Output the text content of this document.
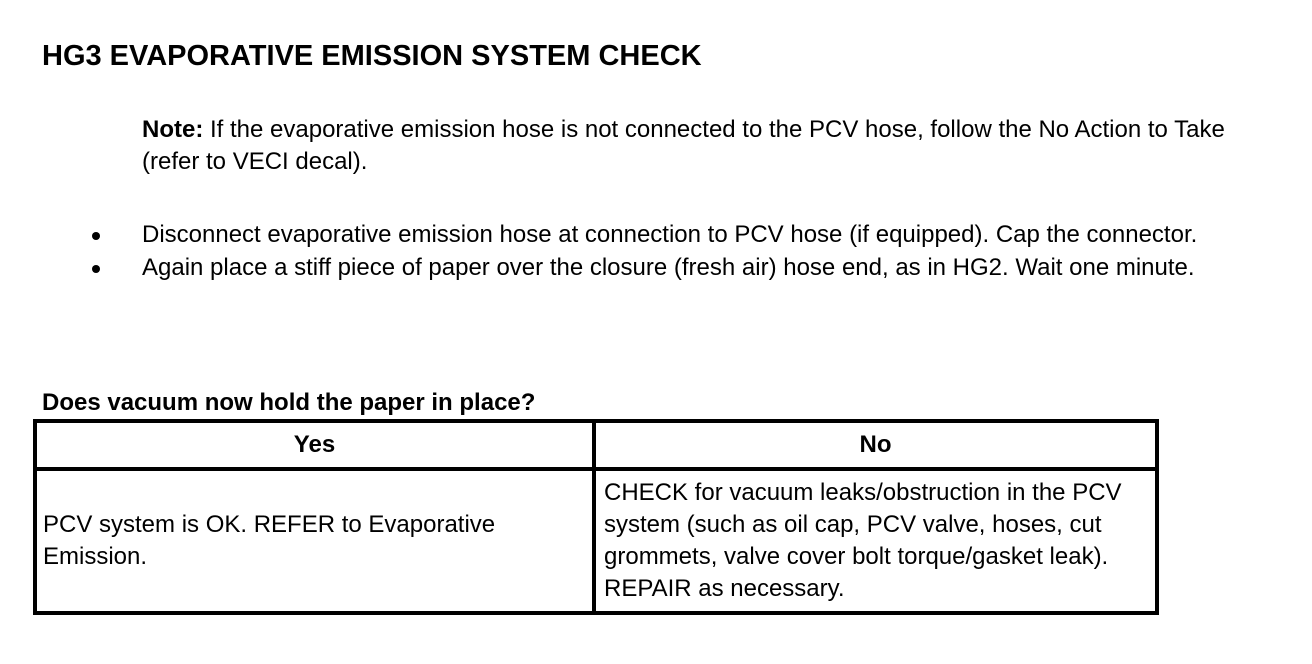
HG3 EVAPORATIVE EMISSION SYSTEM CHECK

Note: If the evaporative emission hose is not connected to the PCV hose, follow the No Action to Take (refer to VECI decal).

Disconnect evaporative emission hose at connection to PCV hose (if equipped). Cap the connector.
Again place a stiff piece of paper over the closure (fresh air) hose end, as in HG2. Wait one minute.

Does vacuum now hold the paper in place?

Yes	No
PCV system is OK. REFER to Evaporative Emission.	CHECK for vacuum leaks/obstruction in the PCV system (such as oil cap, PCV valve, hoses, cut grommets, valve cover bolt torque/gasket leak). REPAIR as necessary.
